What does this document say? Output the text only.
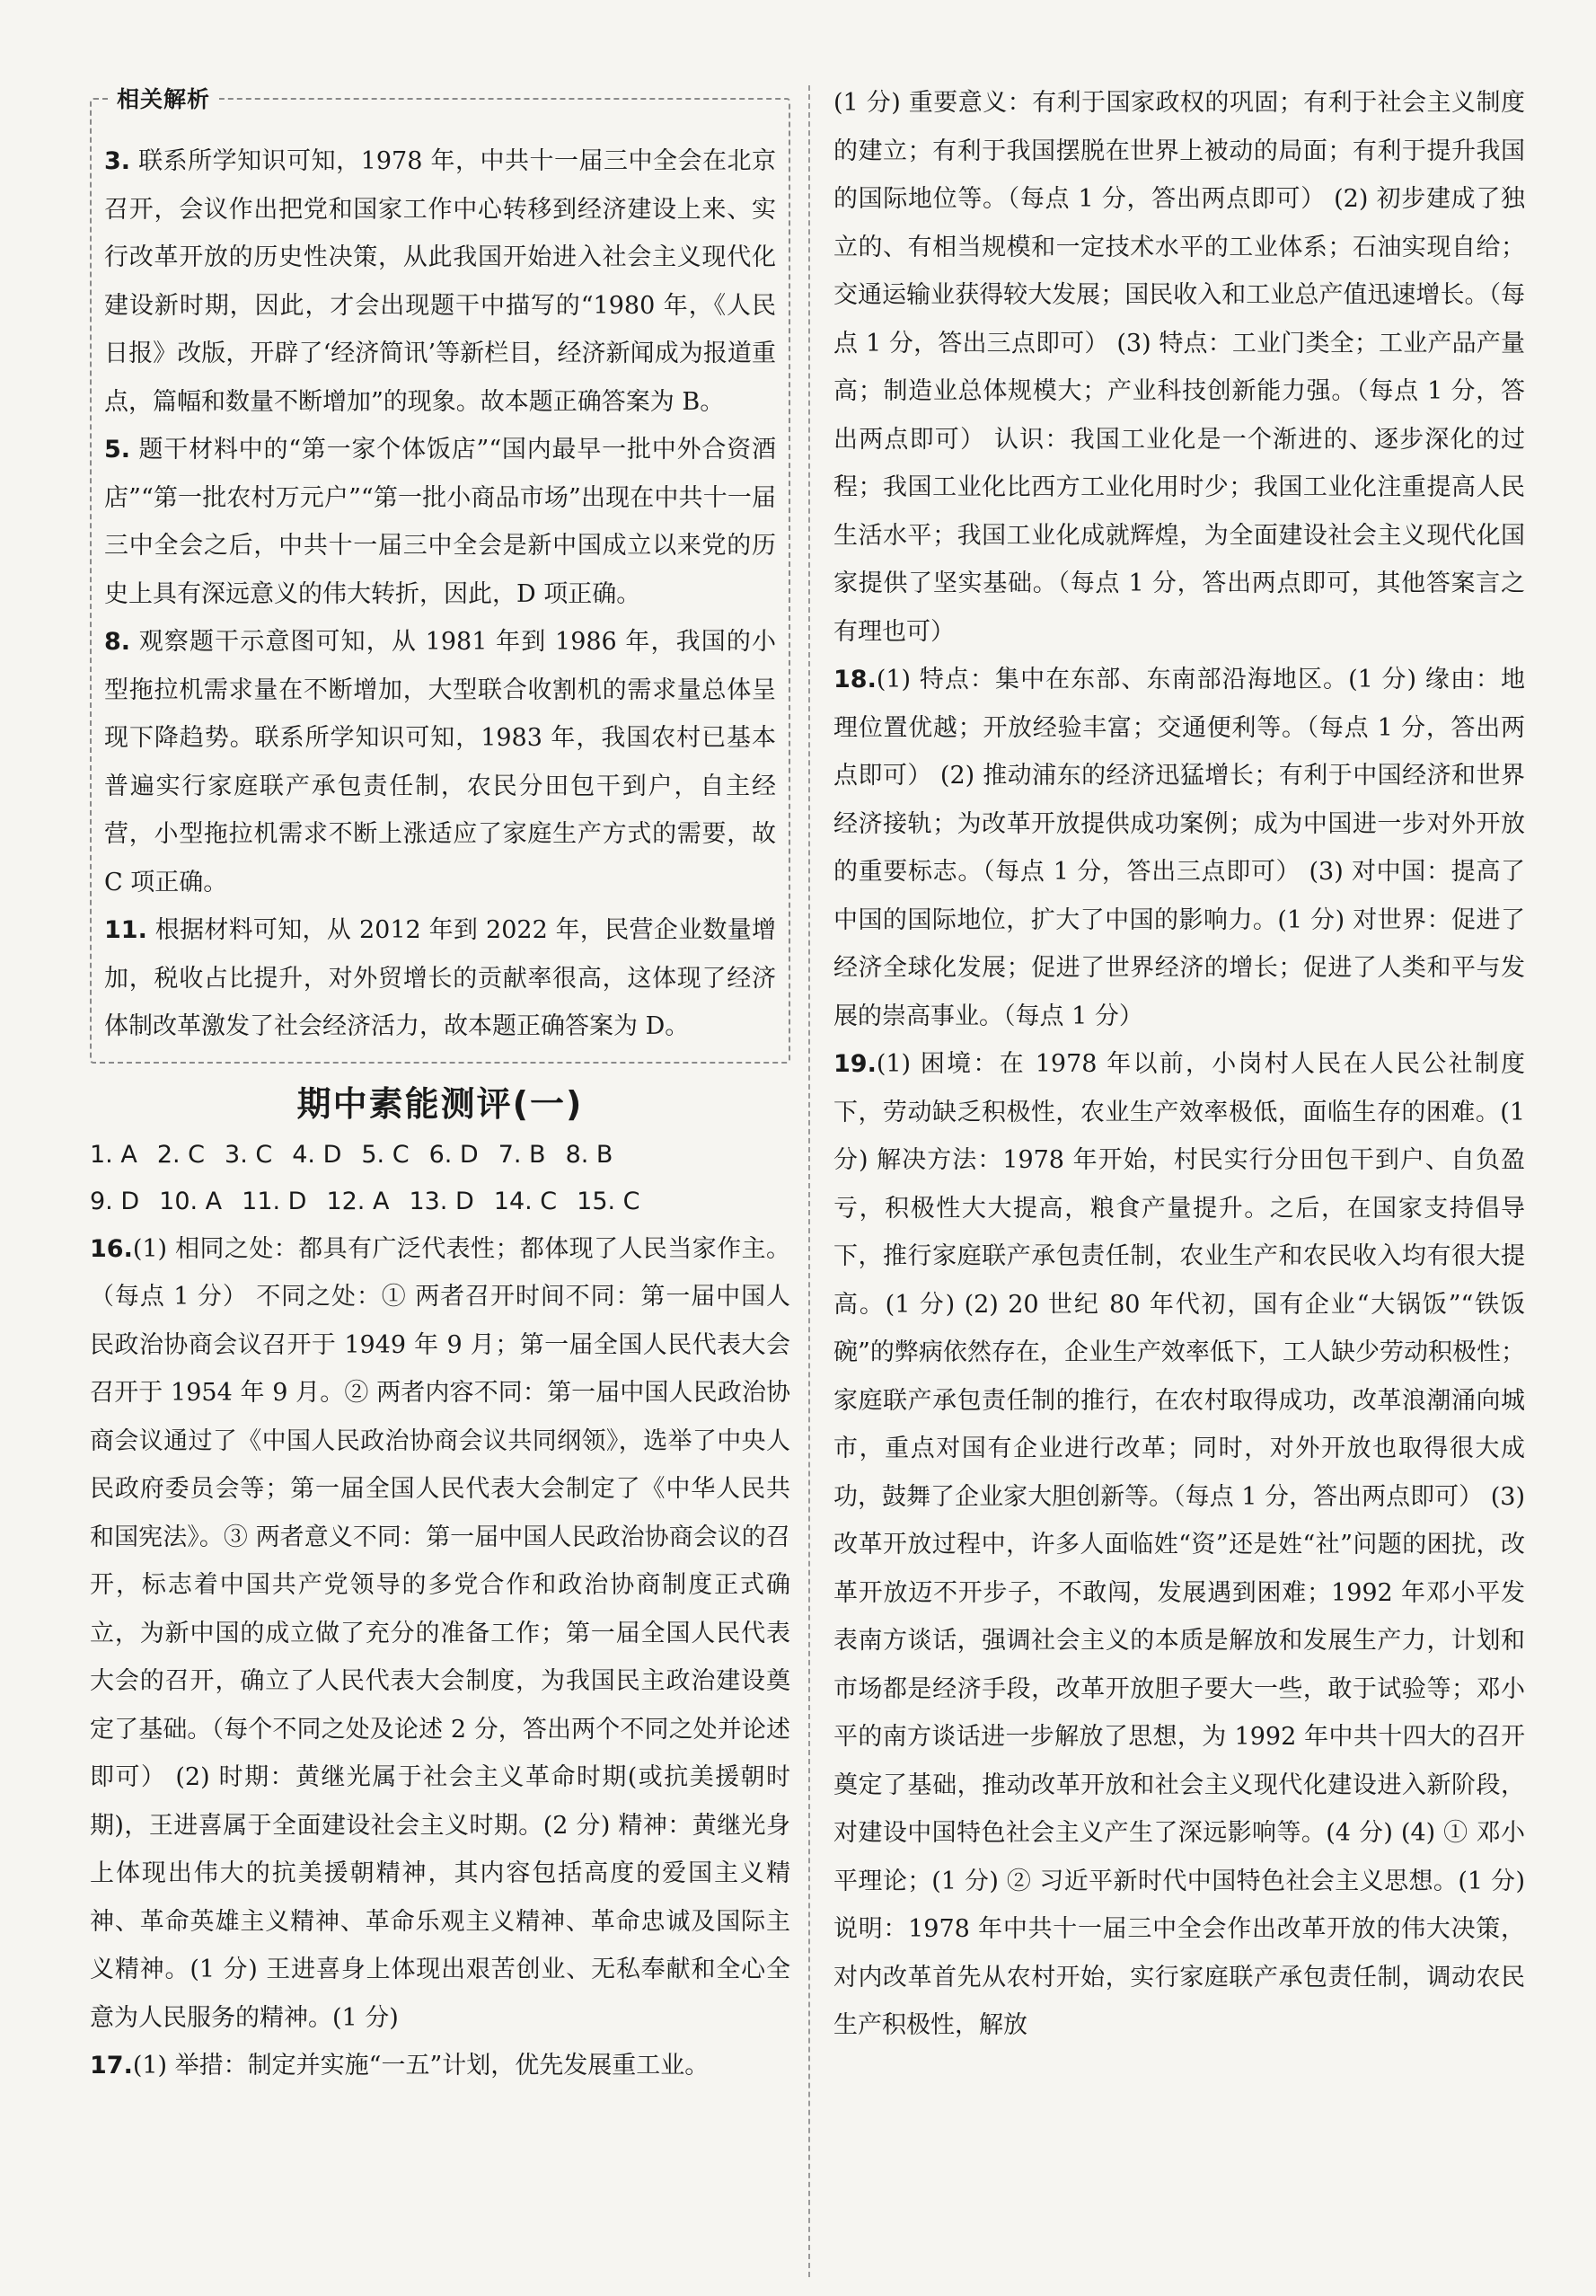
相关解析

3. 联系所学知识可知，1978 年，中共十一届三中全会在北京召开，会议作出把党和国家工作中心转移到经济建设上来、实行改革开放的历史性决策，从此我国开始进入社会主义现代化建设新时期，因此，才会出现题干中描写的“1980 年，《人民日报》改版，开辟了‘经济简讯’等新栏目，经济新闻成为报道重点，篇幅和数量不断增加”的现象。故本题正确答案为 B。

5. 题干材料中的“第一家个体饭店”“国内最早一批中外合资酒店”“第一批农村万元户”“第一批小商品市场”出现在中共十一届三中全会之后，中共十一届三中全会是新中国成立以来党的历史上具有深远意义的伟大转折，因此，D 项正确。

8. 观察题干示意图可知，从 1981 年到 1986 年，我国的小型拖拉机需求量在不断增加，大型联合收割机的需求量总体呈现下降趋势。联系所学知识可知，1983 年，我国农村已基本普遍实行家庭联产承包责任制，农民分田包干到户，自主经营，小型拖拉机需求不断上涨适应了家庭生产方式的需要，故 C 项正确。

11. 根据材料可知，从 2012 年到 2022 年，民营企业数量增加，税收占比提升，对外贸增长的贡献率很高，这体现了经济体制改革激发了社会经济活力，故本题正确答案为 D。

期中素能测评(一)

1. A 2. C 3. C 4. D 5. C 6. D 7. B 8. B

9. D 10. A 11. D 12. A 13. D 14. C 15. C

16.(1) 相同之处：都具有广泛代表性；都体现了人民当家作主。（每点 1 分） 不同之处：① 两者召开时间不同：第一届中国人民政治协商会议召开于 1949 年 9 月；第一届全国人民代表大会召开于 1954 年 9 月。② 两者内容不同：第一届中国人民政治协商会议通过了《中国人民政治协商会议共同纲领》，选举了中央人民政府委员会等；第一届全国人民代表大会制定了《中华人民共和国宪法》。③ 两者意义不同：第一届中国人民政治协商会议的召开，标志着中国共产党领导的多党合作和政治协商制度正式确立，为新中国的成立做了充分的准备工作；第一届全国人民代表大会的召开，确立了人民代表大会制度，为我国民主政治建设奠定了基础。（每个不同之处及论述 2 分，答出两个不同之处并论述即可） (2) 时期：黄继光属于社会主义革命时期(或抗美援朝时期)，王进喜属于全面建设社会主义时期。(2 分) 精神：黄继光身上体现出伟大的抗美援朝精神，其内容包括高度的爱国主义精神、革命英雄主义精神、革命乐观主义精神、革命忠诚及国际主义精神。(1 分) 王进喜身上体现出艰苦创业、无私奉献和全心全意为人民服务的精神。(1 分)

17.(1) 举措：制定并实施“一五”计划，优先发展重工业。

(1 分) 重要意义：有利于国家政权的巩固；有利于社会主义制度的建立；有利于我国摆脱在世界上被动的局面；有利于提升我国的国际地位等。（每点 1 分，答出两点即可） (2) 初步建成了独立的、有相当规模和一定技术水平的工业体系；石油实现自给；交通运输业获得较大发展；国民收入和工业总产值迅速增长。（每点 1 分，答出三点即可） (3) 特点：工业门类全；工业产品产量高；制造业总体规模大；产业科技创新能力强。（每点 1 分，答出两点即可） 认识：我国工业化是一个渐进的、逐步深化的过程；我国工业化比西方工业化用时少；我国工业化注重提高人民生活水平；我国工业化成就辉煌，为全面建设社会主义现代化国家提供了坚实基础。（每点 1 分，答出两点即可，其他答案言之有理也可）

18.(1) 特点：集中在东部、东南部沿海地区。(1 分) 缘由：地理位置优越；开放经验丰富；交通便利等。（每点 1 分，答出两点即可） (2) 推动浦东的经济迅猛增长；有利于中国经济和世界经济接轨；为改革开放提供成功案例；成为中国进一步对外开放的重要标志。（每点 1 分，答出三点即可） (3) 对中国：提高了中国的国际地位，扩大了中国的影响力。(1 分) 对世界：促进了经济全球化发展；促进了世界经济的增长；促进了人类和平与发展的崇高事业。（每点 1 分）

19.(1) 困境：在 1978 年以前，小岗村人民在人民公社制度下，劳动缺乏积极性，农业生产效率极低，面临生存的困难。(1 分) 解决方法：1978 年开始，村民实行分田包干到户、自负盈亏，积极性大大提高，粮食产量提升。之后，在国家支持倡导下，推行家庭联产承包责任制，农业生产和农民收入均有很大提高。(1 分) (2) 20 世纪 80 年代初，国有企业“大锅饭”“铁饭碗”的弊病依然存在，企业生产效率低下，工人缺少劳动积极性；家庭联产承包责任制的推行，在农村取得成功，改革浪潮涌向城市，重点对国有企业进行改革；同时，对外开放也取得很大成功，鼓舞了企业家大胆创新等。（每点 1 分，答出两点即可） (3) 改革开放过程中，许多人面临姓“资”还是姓“社”问题的困扰，改革开放迈不开步子，不敢闯，发展遇到困难；1992 年邓小平发表南方谈话，强调社会主义的本质是解放和发展生产力，计划和市场都是经济手段，改革开放胆子要大一些，敢于试验等；邓小平的南方谈话进一步解放了思想，为 1992 年中共十四大的召开奠定了基础，推动改革开放和社会主义现代化建设进入新阶段，对建设中国特色社会主义产生了深远影响等。(4 分) (4) ① 邓小平理论；(1 分) ② 习近平新时代中国特色社会主义思想。(1 分) 说明：1978 年中共十一届三中全会作出改革开放的伟大决策，对内改革首先从农村开始，实行家庭联产承包责任制，调动农民生产积极性，解放
